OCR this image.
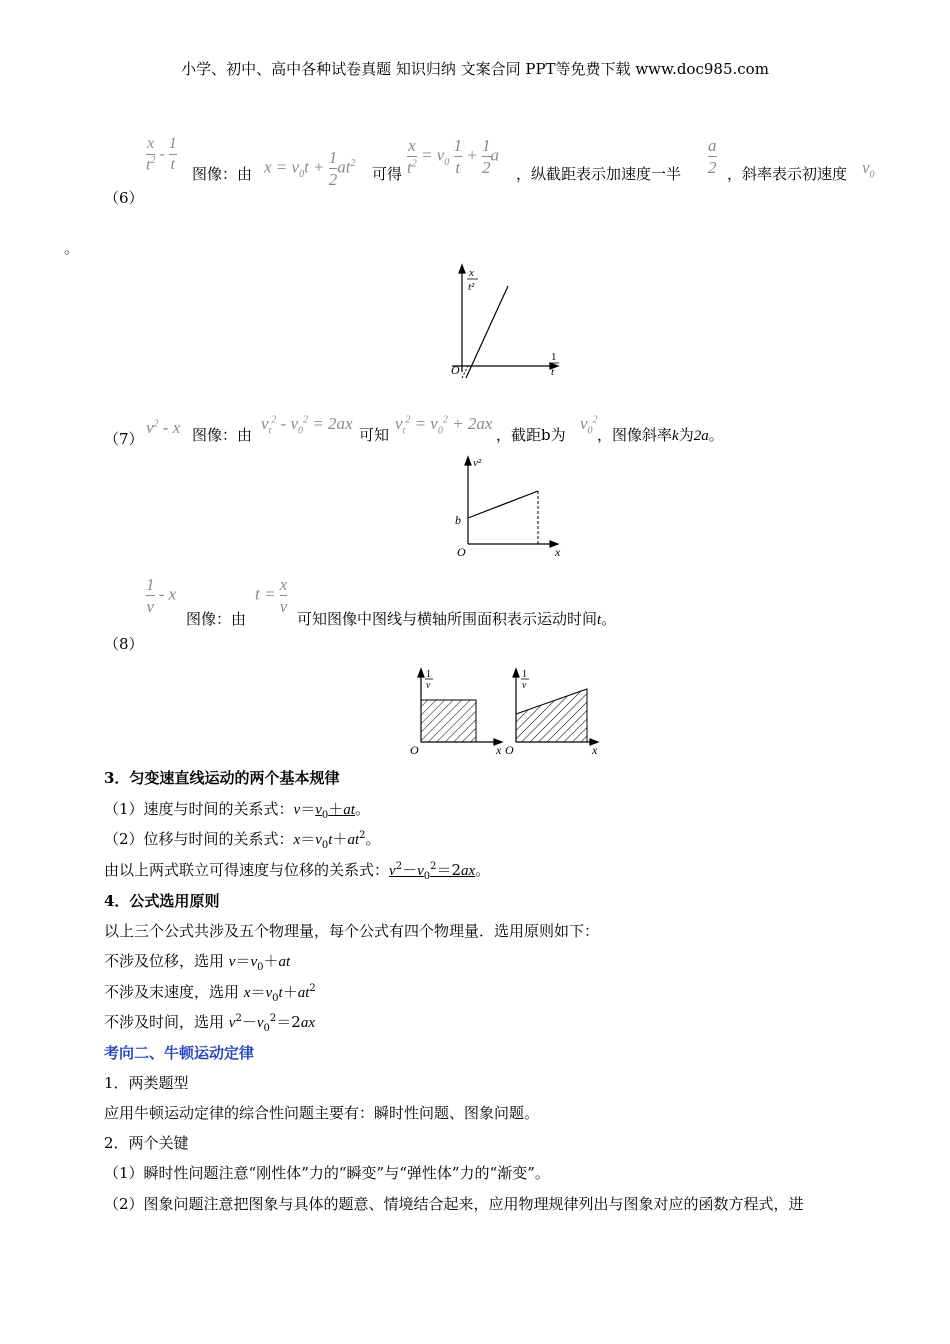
小学、初中、高中各种试卷真题 知识归纳 文案合同 PPT等免费下载 www.doc985.com
$\frac{x}{t^2} - \frac{1}{t}$ 图像：由 $x = v_0t + \frac{1}{2} at^2$
可得 $\frac{x}{t^2} = v_0 \frac{1}{t} + \frac{1}{2}$ a
，纵截距表示加速度一半 $\frac{a}{2}$ ，斜率表示初速度 $v_0$
（6）
。
x
t²
O
1
t
（7）
$v^2$ - x 图像：由
$v_t^2 - v_0^2 = 2ax$
可知
$v_t^2 = v_0^2 + 2ax$
，截距b为
$v_0^2$
，图像斜率k为2a。
v²
b
O	x
$\frac{1}{v}$ - x
图像：由
$t = \frac{x}{v}$
可知图像中图线与横轴所围面积表示运动时间t。
（8）
1
v
O	x
1
v
O	x
3．匀变速直线运动的两个基本规律
（1）速度与时间的关系式：$v=v_0+at$。
（2）位移与时间的关系式：$x=v_0t+at^2$。
由以上两式联立可得速度与位移的关系式：$v^2-v_0^2=2ax$。
4．公式选用原则
以上三个公式共涉及五个物理量，每个公式有四个物理量．选用原则如下：
不涉及位移，选用 $v=v_0+at$
不涉及末速度，选用 $x=v_0t+at^2$
不涉及时间，选用 $v^2-v_0^2=2ax$
考向二、牛顿运动定律
1．两类题型
应用牛顿运动定律的综合性问题主要有：瞬时性问题、图象问题。
2．两个关键
（1）瞬时性问题注意“刚性体”力的“瞬变”与“弹性体”力的“渐变”。
（2）图象问题注意把图象与具体的题意、情境结合起来，应用物理规律列出与图象对应的函数方程式，进
